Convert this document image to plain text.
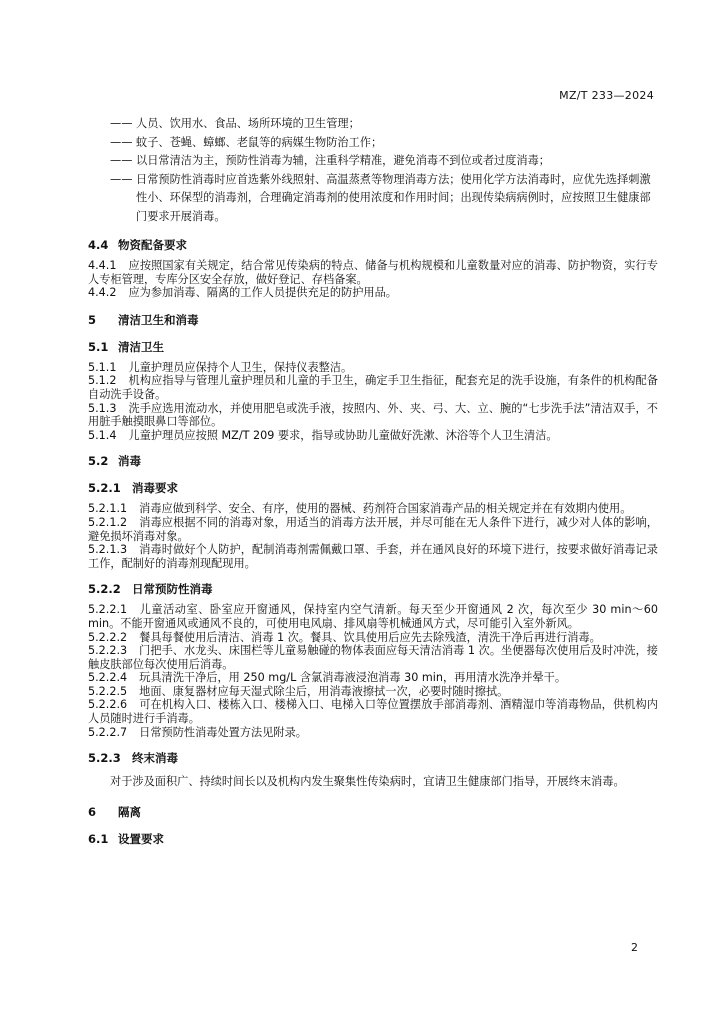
MZ/T 233—2024
—— 人员、饮用水、食品、场所环境的卫生管理；
—— 蚊子、苍蝇、蟑螂、老鼠等的病媒生物防治工作；
—— 以日常清洁为主，预防性消毒为辅，注重科学精准，避免消毒不到位或者过度消毒；
—— 日常预防性消毒时应首选紫外线照射、高温蒸煮等物理消毒方法；使用化学方法消毒时，应优先选择刺激性小、环保型的消毒剂，合理确定消毒剂的使用浓度和作用时间；出现传染病病例时，应按照卫生健康部门要求开展消毒。
4.4 物资配备要求
4.4.1 应按照国家有关规定，结合常见传染病的特点、储备与机构规模和儿童数量对应的消毒、防护物资，实行专人专柜管理，专库分区安全存放，做好登记、存档备案。
4.4.2 应为参加消毒、隔离的工作人员提供充足的防护用品。
5 清洁卫生和消毒
5.1 清洁卫生
5.1.1 儿童护理员应保持个人卫生，保持仪表整洁。
5.1.2 机构应指导与管理儿童护理员和儿童的手卫生，确定手卫生指征，配套充足的洗手设施，有条件的机构配备自动洗手设备。
5.1.3 洗手应选用流动水，并使用肥皂或洗手液，按照内、外、夹、弓、大、立、腕的“七步洗手法”清洁双手，不用脏手触摸眼鼻口等部位。
5.1.4 儿童护理员应按照 MZ/T 209 要求，指导或协助儿童做好洗漱、沐浴等个人卫生清洁。
5.2 消毒
5.2.1 消毒要求
5.2.1.1 消毒应做到科学、安全、有序，使用的器械、药剂符合国家消毒产品的相关规定并在有效期内使用。
5.2.1.2 消毒应根据不同的消毒对象，用适当的消毒方法开展，并尽可能在无人条件下进行，减少对人体的影响，避免损坏消毒对象。
5.2.1.3 消毒时做好个人防护，配制消毒剂需佩戴口罩、手套，并在通风良好的环境下进行，按要求做好消毒记录工作，配制好的消毒剂现配现用。
5.2.2 日常预防性消毒
5.2.2.1 儿童活动室、卧室应开窗通风，保持室内空气清新。每天至少开窗通风 2 次，每次至少 30 min～60 min。不能开窗通风或通风不良的，可使用电风扇、排风扇等机械通风方式，尽可能引入室外新风。
5.2.2.2 餐具每餐使用后清洁、消毒 1 次。餐具、饮具使用后应先去除残渣，清洗干净后再进行消毒。
5.2.2.3 门把手、水龙头、床围栏等儿童易触碰的物体表面应每天清洁消毒 1 次。坐便器每次使用后及时冲洗，接触皮肤部位每次使用后消毒。
5.2.2.4 玩具清洗干净后，用 250 mg/L 含氯消毒液浸泡消毒 30 min，再用清水洗净并晕干。
5.2.2.5 地面、康复器材应每天湿式除尘后，用消毒液擦拭一次，必要时随时擦拭。
5.2.2.6 可在机构入口、楼栋入口、楼梯入口、电梯入口等位置摆放手部消毒剂、酒精湿巾等消毒物品，供机构内人员随时进行手消毒。
5.2.2.7 日常预防性消毒处置方法见附录。
5.2.3 终末消毒
对于涉及面积广、持续时间长以及机构内发生聚集性传染病时，宜请卫生健康部门指导，开展终末消毒。
6 隔离
6.1 设置要求
2
